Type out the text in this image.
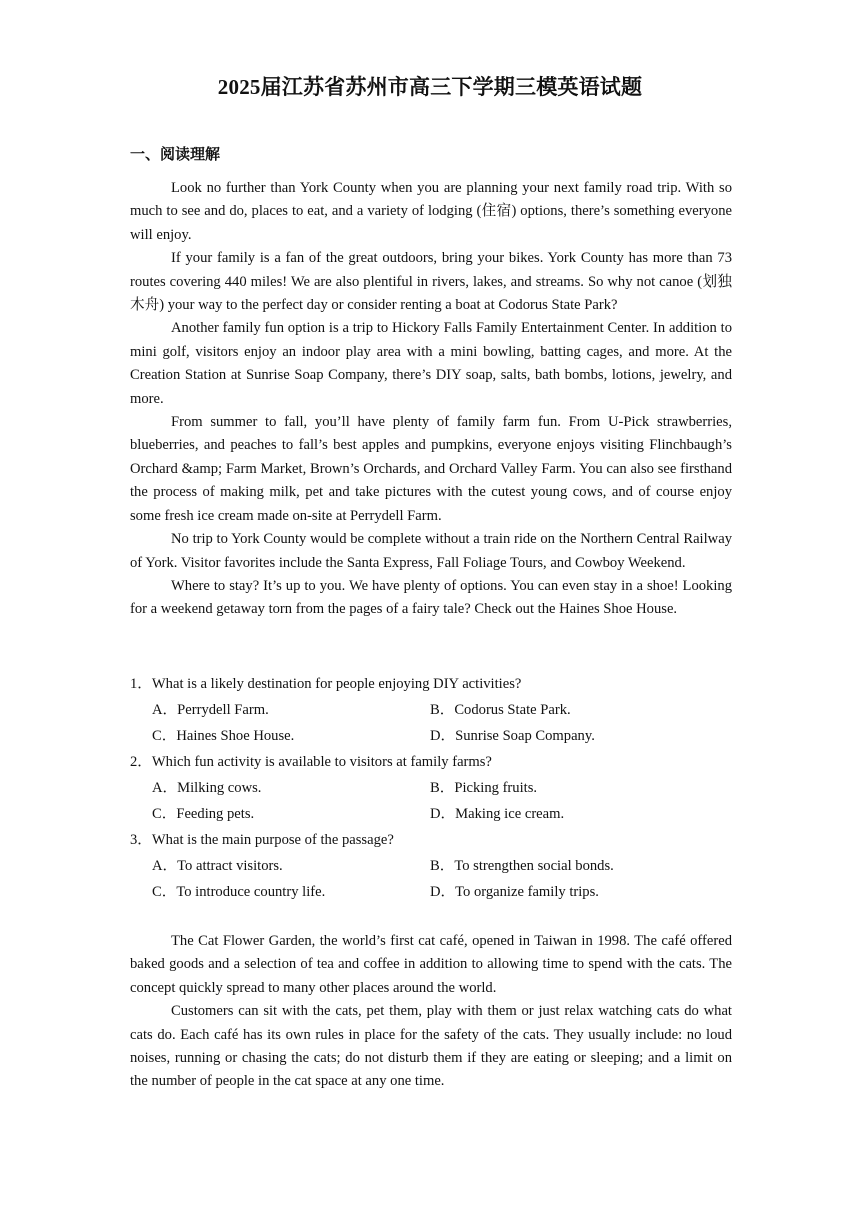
2025届江苏省苏州市高三下学期三模英语试题
一、阅读理解

Look no further than York County when you are planning your next family road trip. With so much to see and do, places to eat, and a variety of lodging (住宿) options, there’s something everyone will enjoy.

If your family is a fan of the great outdoors, bring your bikes. York County has more than 73 routes covering 440 miles! We are also plentiful in rivers, lakes, and streams. So why not canoe (划独木舟) your way to the perfect day or consider renting a boat at Codorus State Park?

Another family fun option is a trip to Hickory Falls Family Entertainment Center. In addition to mini golf, visitors enjoy an indoor play area with a mini bowling, batting cages, and more. At the Creation Station at Sunrise Soap Company, there’s DIY soap, salts, bath bombs, lotions, jewelry, and more.

From summer to fall, you’ll have plenty of family farm fun. From U-Pick strawberries, blueberries, and peaches to fall’s best apples and pumpkins, everyone enjoys visiting Flinchbaugh’s Orchard &amp; Farm Market, Brown’s Orchards, and Orchard Valley Farm. You can also see firsthand the process of making milk, pet and take pictures with the cutest young cows, and of course enjoy some fresh ice cream made on-site at Perrydell Farm.

No trip to York County would be complete without a train ride on the Northern Central Railway of York. Visitor favorites include the Santa Express, Fall Foliage Tours, and Cowboy Weekend.

Where to stay? It’s up to you. We have plenty of options. You can even stay in a shoe! Looking for a weekend getaway torn from the pages of a fairy tale? Check out the Haines Shoe House.

1．What is a likely destination for people enjoying DIY activities?
A．Perrydell Farm.	B．Codorus State Park.
C．Haines Shoe House.	D．Sunrise Soap Company.
2．Which fun activity is available to visitors at family farms?
A．Milking cows.	B．Picking fruits.
C．Feeding pets.	D．Making ice cream.
3．What is the main purpose of the passage?
A．To attract visitors.	B．To strengthen social bonds.
C．To introduce country life.	D．To organize family trips.

The Cat Flower Garden, the world’s first cat café, opened in Taiwan in 1998. The café offered baked goods and a selection of tea and coffee in addition to allowing time to spend with the cats. The concept quickly spread to many other places around the world.

Customers can sit with the cats, pet them, play with them or just relax watching cats do what cats do. Each café has its own rules in place for the safety of the cats. They usually include: no loud noises, running or chasing the cats; do not disturb them if they are eating or sleeping; and a limit on the number of people in the cat space at any one time.
